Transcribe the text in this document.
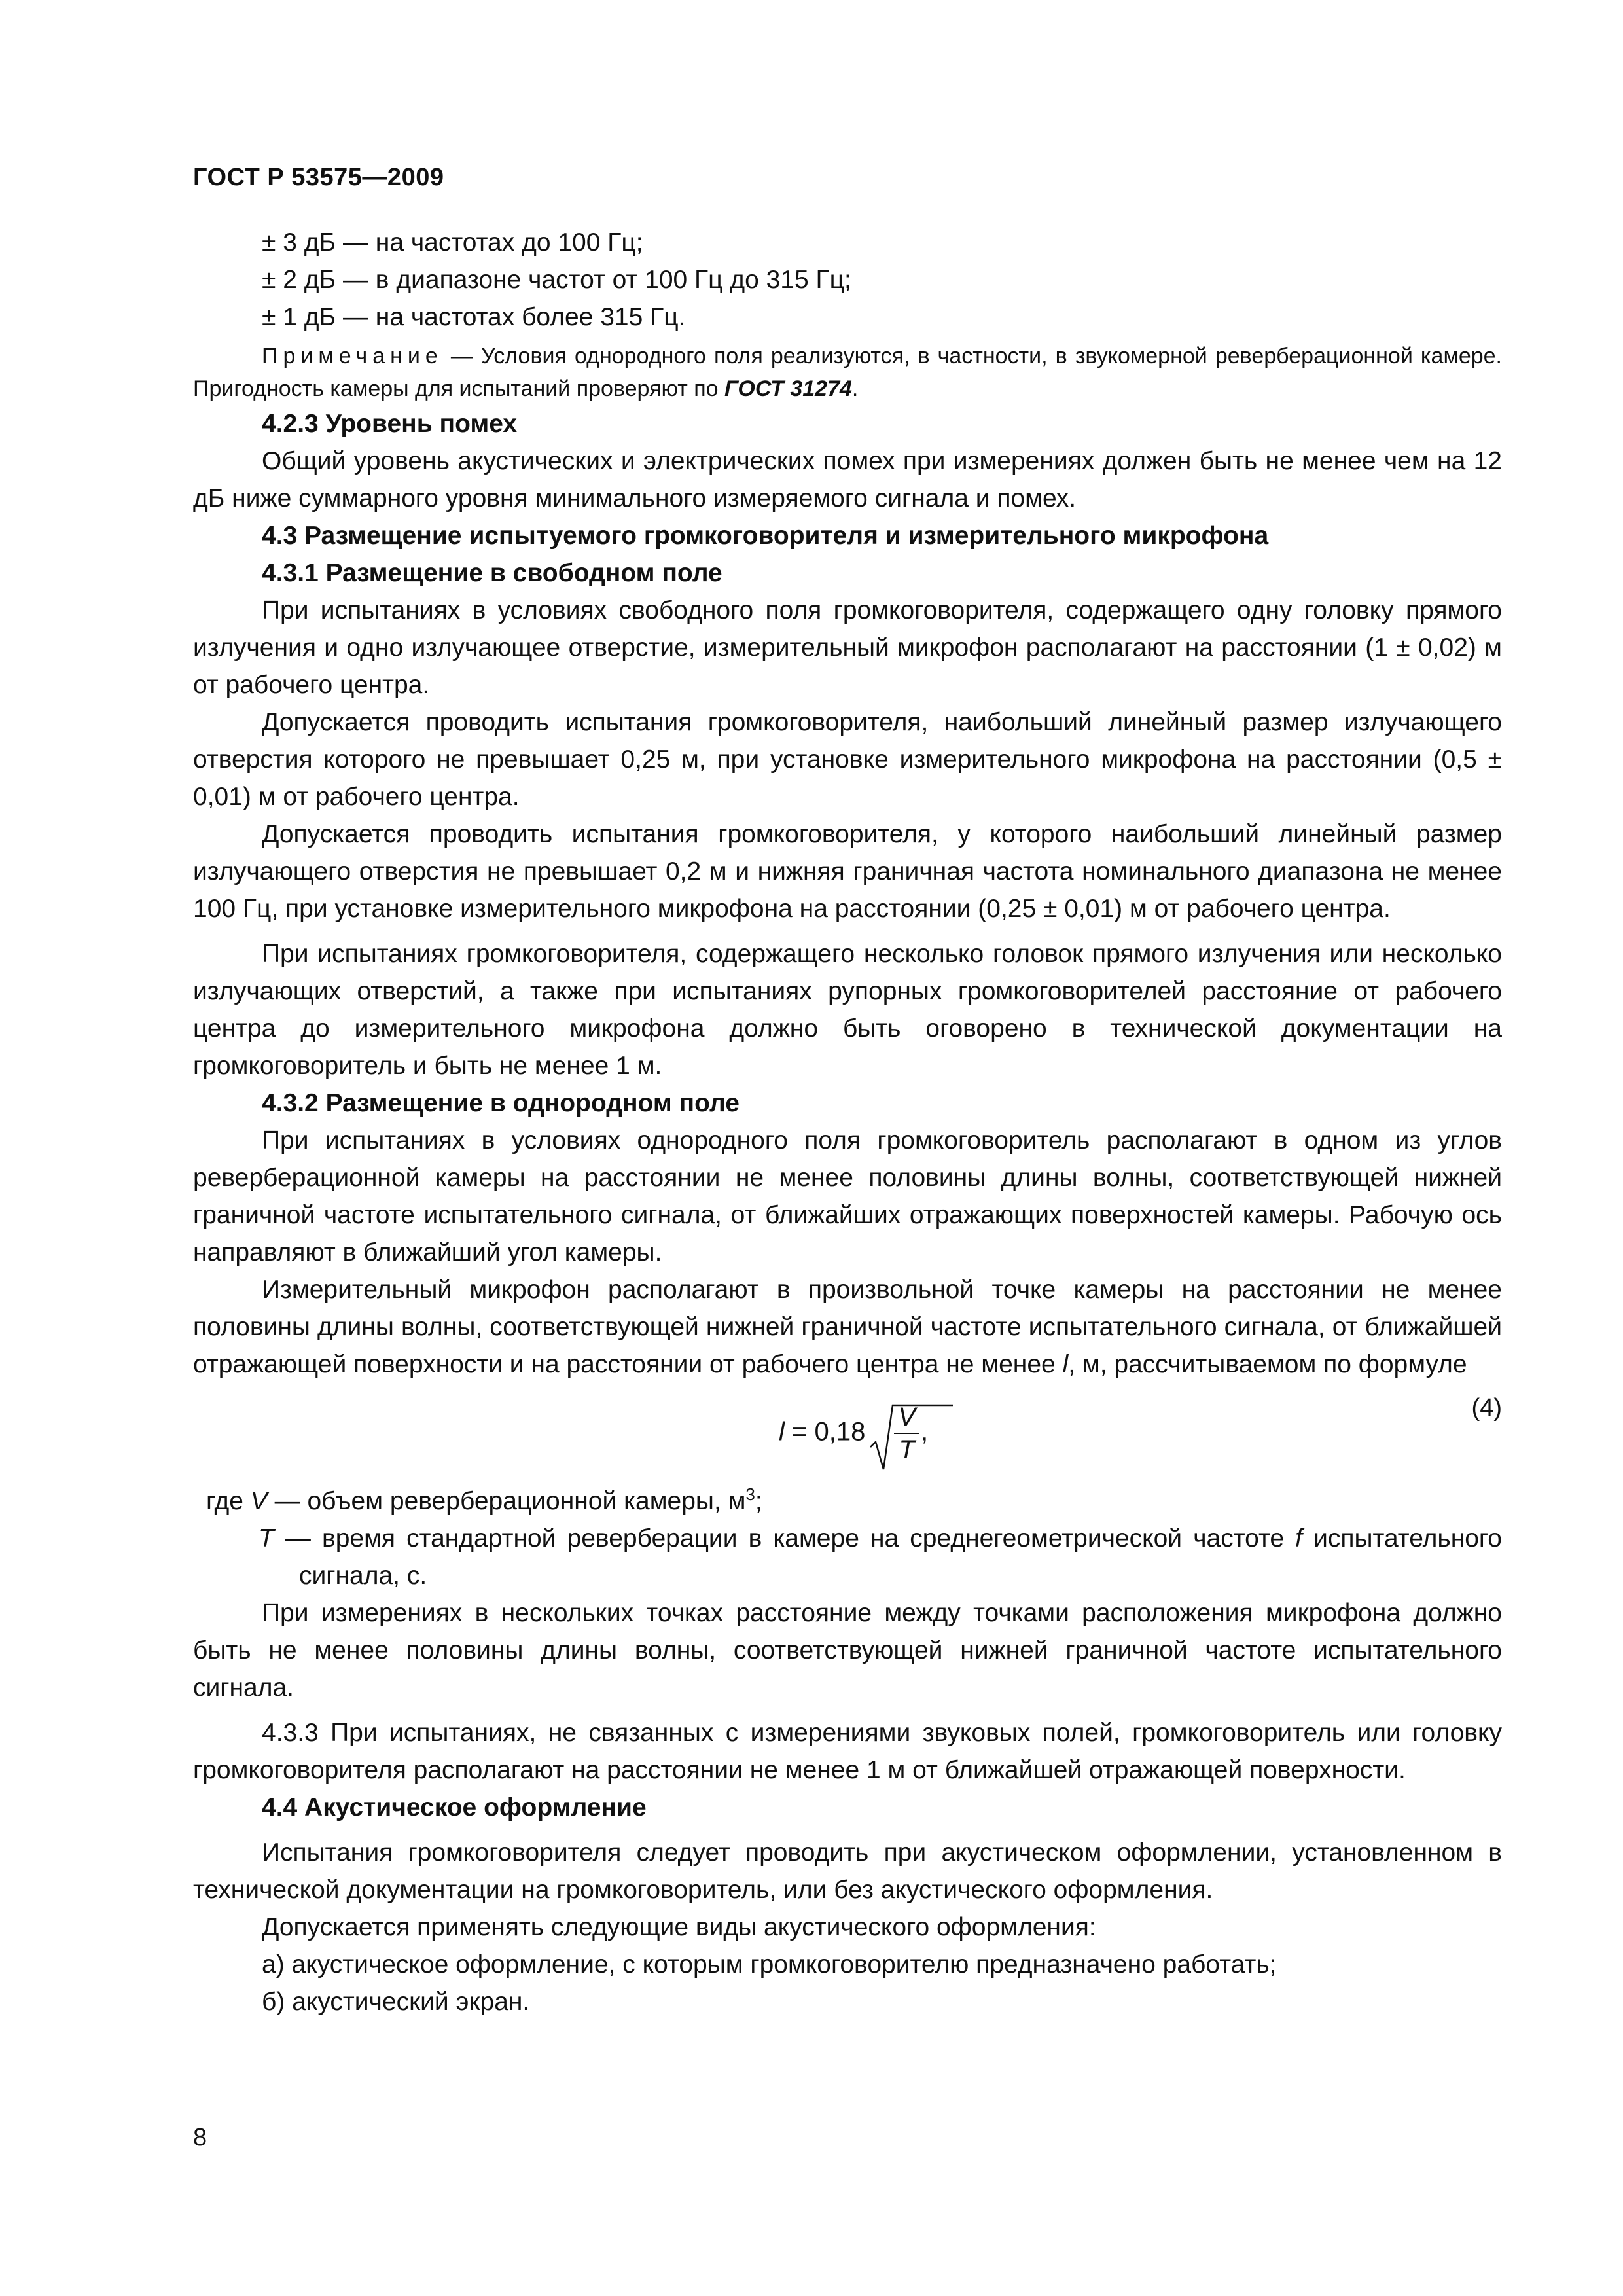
ГОСТ Р 53575—2009

± 3 дБ — на частотах до 100 Гц;

± 2 дБ — в диапазоне частот от 100 Гц до 315 Гц;

± 1 дБ — на частотах более 315 Гц.

Примечание — Условия однородного поля реализуются, в частности, в звукомерной реверберационной камере. Пригодность камеры для испытаний проверяют по ГОСТ 31274.

4.2.3 Уровень помех

Общий уровень акустических и электрических помех при измерениях должен быть не менее чем на 12 дБ ниже суммарного уровня минимального измеряемого сигнала и помех.

4.3 Размещение испытуемого громкоговорителя и измерительного микрофона

4.3.1 Размещение в свободном поле

При испытаниях в условиях свободного поля громкоговорителя, содержащего одну головку прямого излучения и одно излучающее отверстие, измерительный микрофон располагают на расстоянии (1 ± 0,02) м от рабочего центра.

Допускается проводить испытания громкоговорителя, наибольший линейный размер излучающего отверстия которого не превышает 0,25 м, при установке измерительного микрофона на расстоянии (0,5 ± 0,01) м от рабочего центра.

Допускается проводить испытания громкоговорителя, у которого наибольший линейный размер излучающего отверстия не превышает 0,2 м и нижняя граничная частота номинального диапазона не менее 100 Гц, при установке измерительного микрофона на расстоянии (0,25 ± 0,01) м от рабочего центра.

При испытаниях громкоговорителя, содержащего несколько головок прямого излучения или несколько излучающих отверстий, а также при испытаниях рупорных громкоговорителей расстояние от рабочего центра до измерительного микрофона должно быть оговорено в технической документации на громкоговоритель и быть не менее 1 м.

4.3.2 Размещение в однородном поле

При испытаниях в условиях однородного поля громкоговоритель располагают в одном из углов реверберационной камеры на расстоянии не менее половины длины волны, соответствующей нижней граничной частоте испытательного сигнала, от ближайших отражающих поверхностей камеры. Рабочую ось направляют в ближайший угол камеры.

Измерительный микрофон располагают в произвольной точке камеры на расстоянии не менее половины длины волны, соответствующей нижней граничной частоте испытательного сигнала, от ближайшей отражающей поверхности и на расстоянии от рабочего центра не менее l, м, рассчитываемом по формуле

$l = 0,18 \frac{V}{T}$ ,
(4)

где V — объем реверберационной камеры, $м^3$;

T — время стандартной реверберации в камере на среднегеометрической частоте f испытательного сигнала, с.

При измерениях в нескольких точках расстояние между точками расположения микрофона должно быть не менее половины длины волны, соответствующей нижней граничной частоте испытательного сигнала.

4.3.3 При испытаниях, не связанных с измерениями звуковых полей, громкоговоритель или головку громкоговорителя располагают на расстоянии не менее 1 м от ближайшей отражающей поверхности.

4.4 Акустическое оформление

Испытания громкоговорителя следует проводить при акустическом оформлении, установленном в технической документации на громкоговоритель, или без акустического оформления.

Допускается применять следующие виды акустического оформления:

а) акустическое оформление, с которым громкоговорителю предназначено работать;

б) акустический экран.

8
